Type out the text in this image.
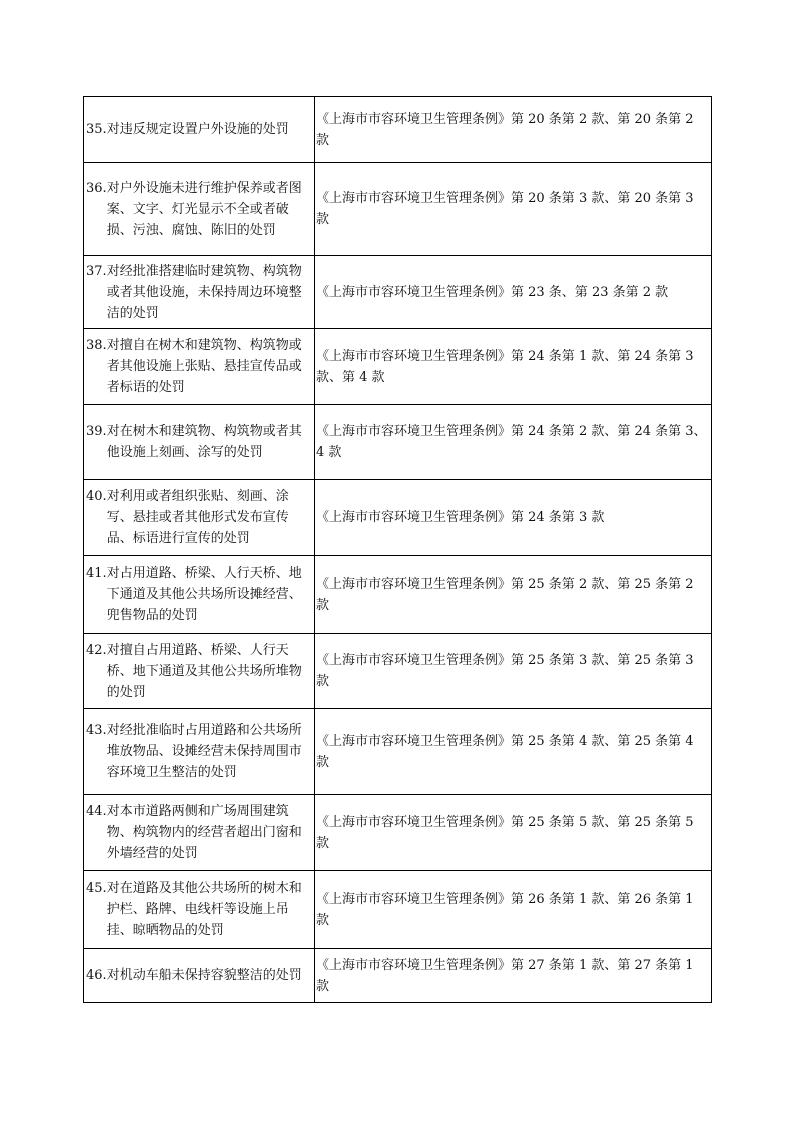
35. 对违反规定设置户外设施的处罚	《上海市市容环境卫生管理条例》第 20 条第 2 款、第 20 条第 2 款

36. 对户外设施未进行维护保养或者图案、文字、灯光显示不全或者破损、污浊、腐蚀、陈旧的处罚	《上海市市容环境卫生管理条例》第 20 条第 3 款、第 20 条第 3 款

37. 对经批准搭建临时建筑物、构筑物或者其他设施，未保持周边环境整洁的处罚	《上海市市容环境卫生管理条例》第 23 条、第 23 条第 2 款

38. 对擅自在树木和建筑物、构筑物或者其他设施上张贴、悬挂宣传品或者标语的处罚	《上海市市容环境卫生管理条例》第 24 条第 1 款、第 24 条第 3 款、第 4 款

39. 对在树木和建筑物、构筑物或者其他设施上刻画、涂写的处罚	《上海市市容环境卫生管理条例》第 24 条第 2 款、第 24 条第 3、4 款

40. 对利用或者组织张贴、刻画、涂写、悬挂或者其他形式发布宣传品、标语进行宣传的处罚	《上海市市容环境卫生管理条例》第 24 条第 3 款

41. 对占用道路、桥梁、人行天桥、地下通道及其他公共场所设摊经营、兜售物品的处罚	《上海市市容环境卫生管理条例》第 25 条第 2 款、第 25 条第 2 款

42. 对擅自占用道路、桥梁、人行天桥、地下通道及其他公共场所堆物的处罚	《上海市市容环境卫生管理条例》第 25 条第 3 款、第 25 条第 3 款

43. 对经批准临时占用道路和公共场所堆放物品、设摊经营未保持周围市容环境卫生整洁的处罚	《上海市市容环境卫生管理条例》第 25 条第 4 款、第 25 条第 4 款

44. 对本市道路两侧和广场周围建筑物、构筑物内的经营者超出门窗和外墙经营的处罚	《上海市市容环境卫生管理条例》第 25 条第 5 款、第 25 条第 5 款

45. 对在道路及其他公共场所的树木和护栏、路牌、电线杆等设施上吊挂、晾晒物品的处罚	《上海市市容环境卫生管理条例》第 26 条第 1 款、第 26 条第 1 款

46. 对机动车船未保持容貌整洁的处罚	《上海市市容环境卫生管理条例》第 27 条第 1 款、第 27 条第 1 款
